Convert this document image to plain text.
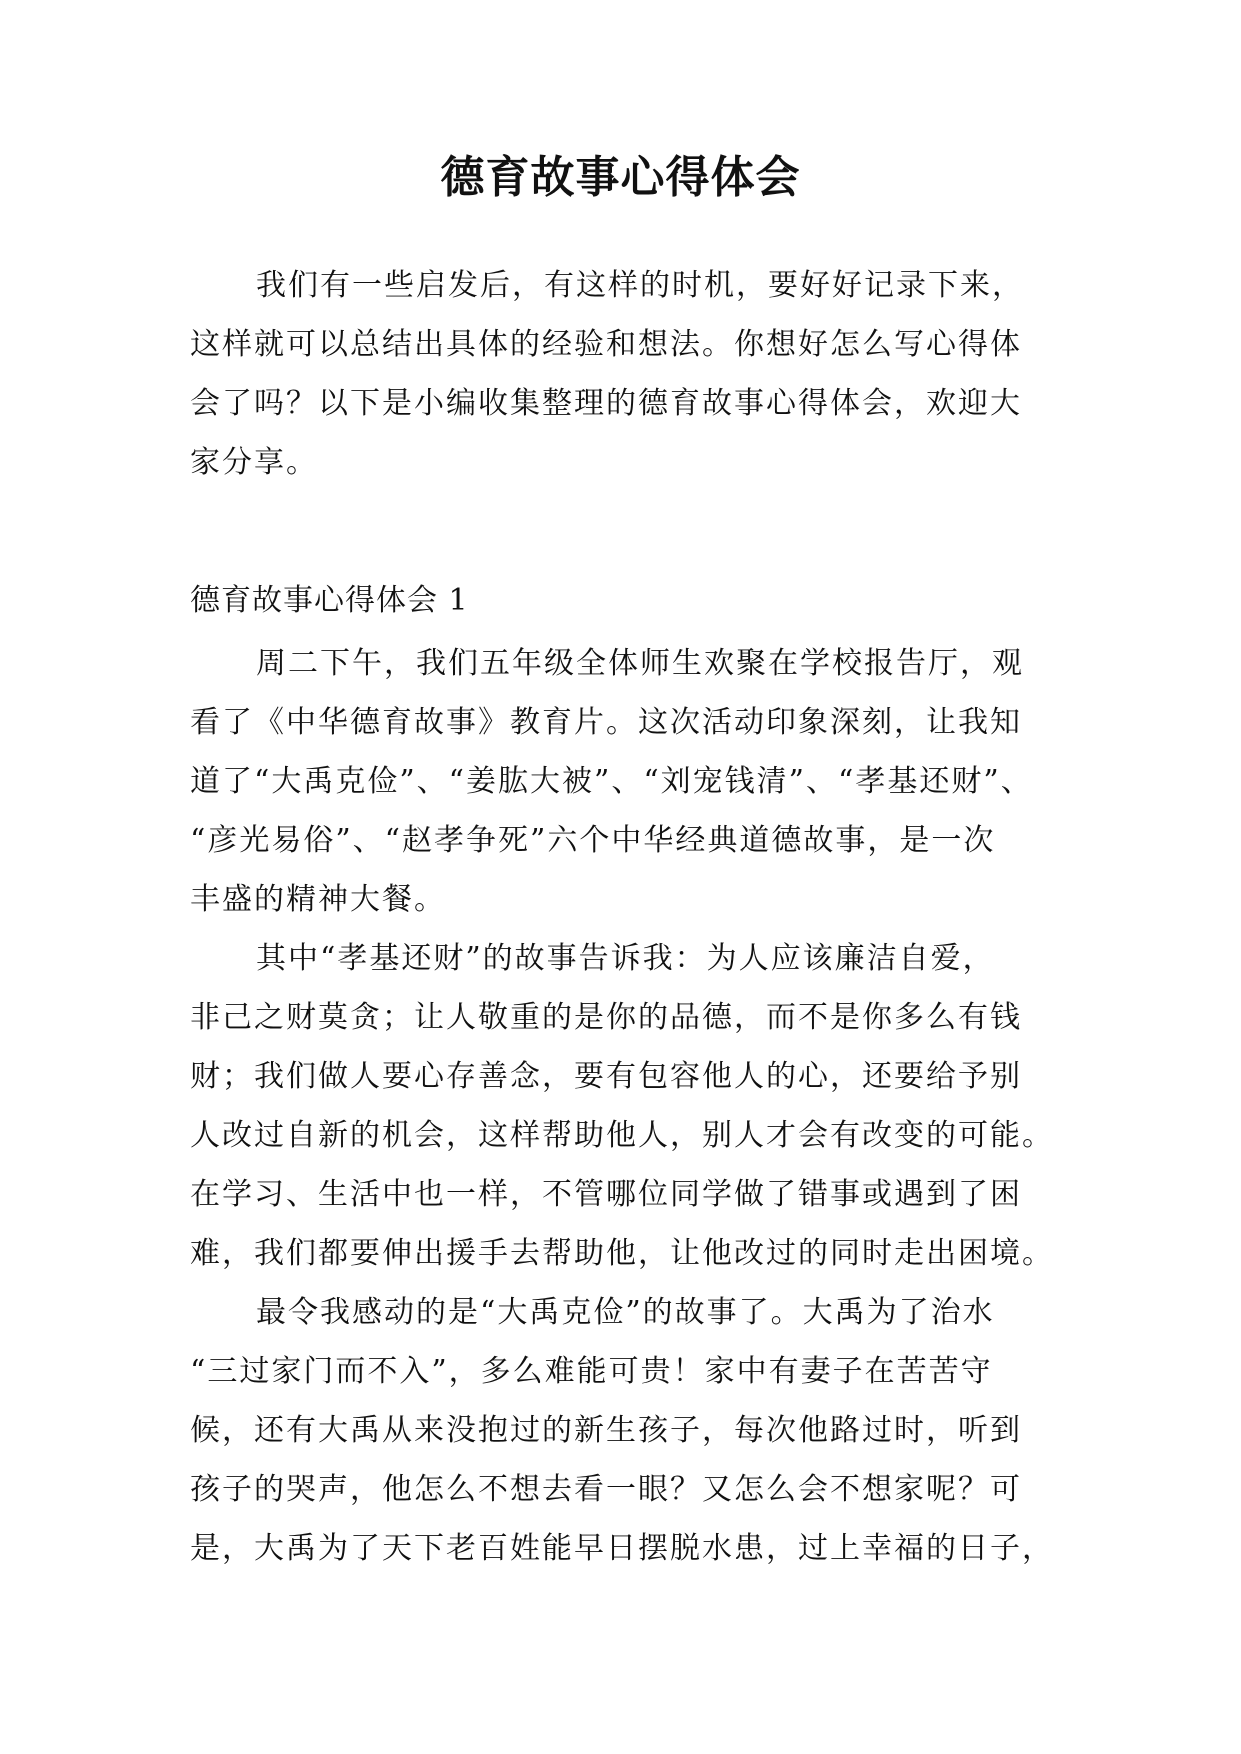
德育故事心得体会
我们有一些启发后，有这样的时机，要好好记录下来，
这样就可以总结出具体的经验和想法。你想好怎么写心得体
会了吗？以下是小编收集整理的德育故事心得体会，欢迎大
家分享。
德育故事心得体会 1
周二下午，我们五年级全体师生欢聚在学校报告厅，观
看了《中华德育故事》教育片。这次活动印象深刻，让我知
道了“大禹克俭”、“姜肱大被”、“刘宠钱清”、“孝基还财”、
“彦光易俗”、“赵孝争死”六个中华经典道德故事，是一次
丰盛的精神大餐。
其中“孝基还财”的故事告诉我：为人应该廉洁自爱，
非己之财莫贪；让人敬重的是你的品德，而不是你多么有钱
财；我们做人要心存善念，要有包容他人的心，还要给予别
人改过自新的机会，这样帮助他人，别人才会有改变的可能。
在学习、生活中也一样，不管哪位同学做了错事或遇到了困
难，我们都要伸出援手去帮助他，让他改过的同时走出困境。
最令我感动的是“大禹克俭”的故事了。大禹为了治水
“三过家门而不入”，多么难能可贵！家中有妻子在苦苦守
候，还有大禹从来没抱过的新生孩子，每次他路过时，听到
孩子的哭声，他怎么不想去看一眼？又怎么会不想家呢？可
是，大禹为了天下老百姓能早日摆脱水患，过上幸福的日子，
